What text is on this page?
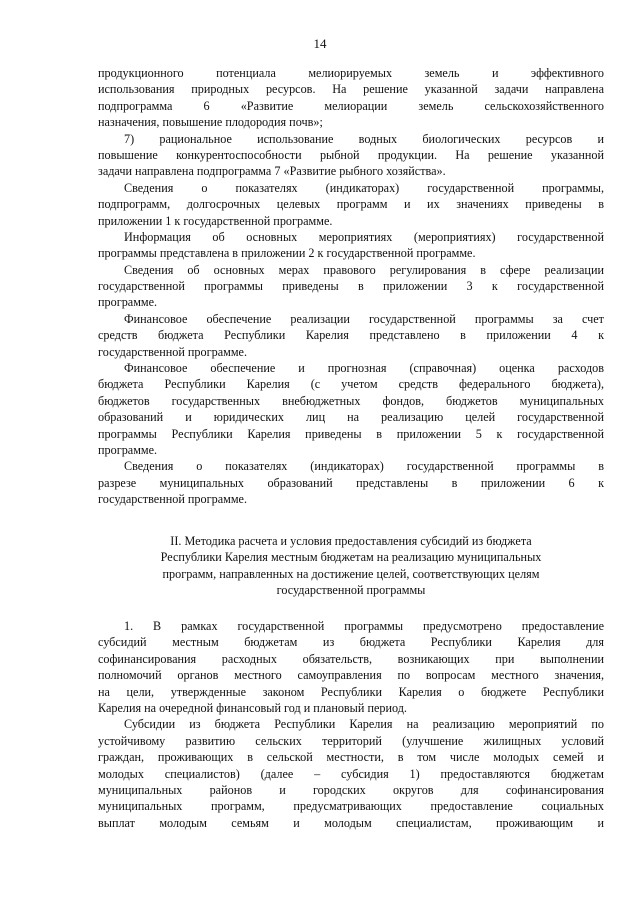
14
продукционного потенциала мелиорируемых земель и эффективного
использования природных ресурсов. На решение указанной задачи направлена
подпрограмма 6 «Развитие мелиорации земель сельскохозяйственного
назначения, повышение плодородия почв»;
7) рациональное использование водных биологических ресурсов и
повышение конкурентоспособности рыбной продукции. На решение указанной
задачи направлена подпрограмма 7 «Развитие рыбного хозяйства».
Сведения о показателях (индикаторах) государственной программы,
подпрограмм, долгосрочных целевых программ и их значениях приведены в
приложении 1 к государственной программе.
Информация об основных мероприятиях (мероприятиях) государственной
программы представлена в приложении 2 к государственной программе.
Сведения об основных мерах правового регулирования в сфере реализации
государственной программы приведены в приложении 3 к государственной
программе.
Финансовое обеспечение реализации государственной программы за счет
средств бюджета Республики Карелия представлено в приложении 4 к
государственной программе.
Финансовое обеспечение и прогнозная (справочная) оценка расходов
бюджета Республики Карелия (с учетом средств федерального бюджета),
бюджетов государственных внебюджетных фондов, бюджетов муниципальных
образований и юридических лиц на реализацию целей государственной
программы Республики Карелия приведены в приложении 5 к государственной
программе.
Сведения о показателях (индикаторах) государственной программы в
разрезе муниципальных образований представлены в приложении 6 к
государственной программе.
II. Методика расчета и условия предоставления субсидий из бюджета
Республики Карелия местным бюджетам на реализацию муниципальных
программ, направленных на достижение целей, соответствующих целям
государственной программы
1. В рамках государственной программы предусмотрено предоставление
субсидий местным бюджетам из бюджета Республики Карелия для
софинансирования расходных обязательств, возникающих при выполнении
полномочий органов местного самоуправления по вопросам местного значения,
на цели, утвержденные законом Республики Карелия о бюджете Республики
Карелия на очередной финансовый год и плановый период.
Субсидии из бюджета Республики Карелия на реализацию мероприятий по
устойчивому развитию сельских территорий (улучшение жилищных условий
граждан, проживающих в сельской местности, в том числе молодых семей и
молодых специалистов) (далее – субсидия 1) предоставляются бюджетам
муниципальных районов и городских округов для софинансирования
муниципальных программ, предусматривающих предоставление социальных
выплат молодым семьям и молодым специалистам, проживающим и
